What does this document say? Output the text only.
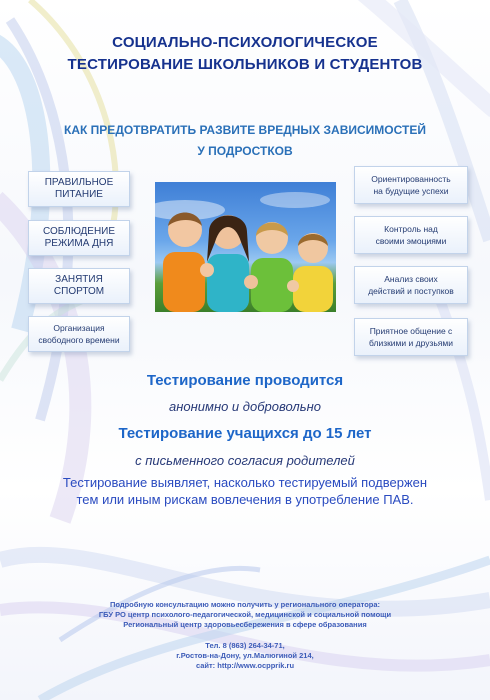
СОЦИАЛЬНО-ПСИХОЛОГИЧЕСКОЕ
ТЕСТИРОВАНИЕ ШКОЛЬНИКОВ И СТУДЕНТОВ
КАК ПРЕДОТВРАТИТЬ РАЗВИТЕ ВРЕДНЫХ ЗАВИСИМОСТЕЙ
У ПОДРОСТКОВ
ПРАВИЛЬНОЕ
ПИТАНИЕ
СОБЛЮДЕНИЕ
РЕЖИМА ДНЯ
ЗАНЯТИЯ
СПОРТОМ
Организация
свободного времени
Ориентированность
на будущие успехи
Контроль над
своими эмоциями
Анализ своих
действий и поступков
Приятное общение с
близкими и друзьями
Тестирование проводится
анонимно и добровольно
Тестирование учащихся до 15 лет
с письменного согласия родителей
Тестирование выявляет, насколько тестируемый подвержен
тем или иным рискам вовлечения в употребление ПАВ.
Подробную консультацию можно получить у регионального оператора:
ГБУ РО центр психолого-педагогической, медицинской и социальной помощи
Региональный центр здоровьесбережения в сфере образования
Тел. 8 (863) 264-34-71,
г.Ростов-на-Дону, ул.Малюгиной 214,
сайт: http://www.ocpprik.ru
